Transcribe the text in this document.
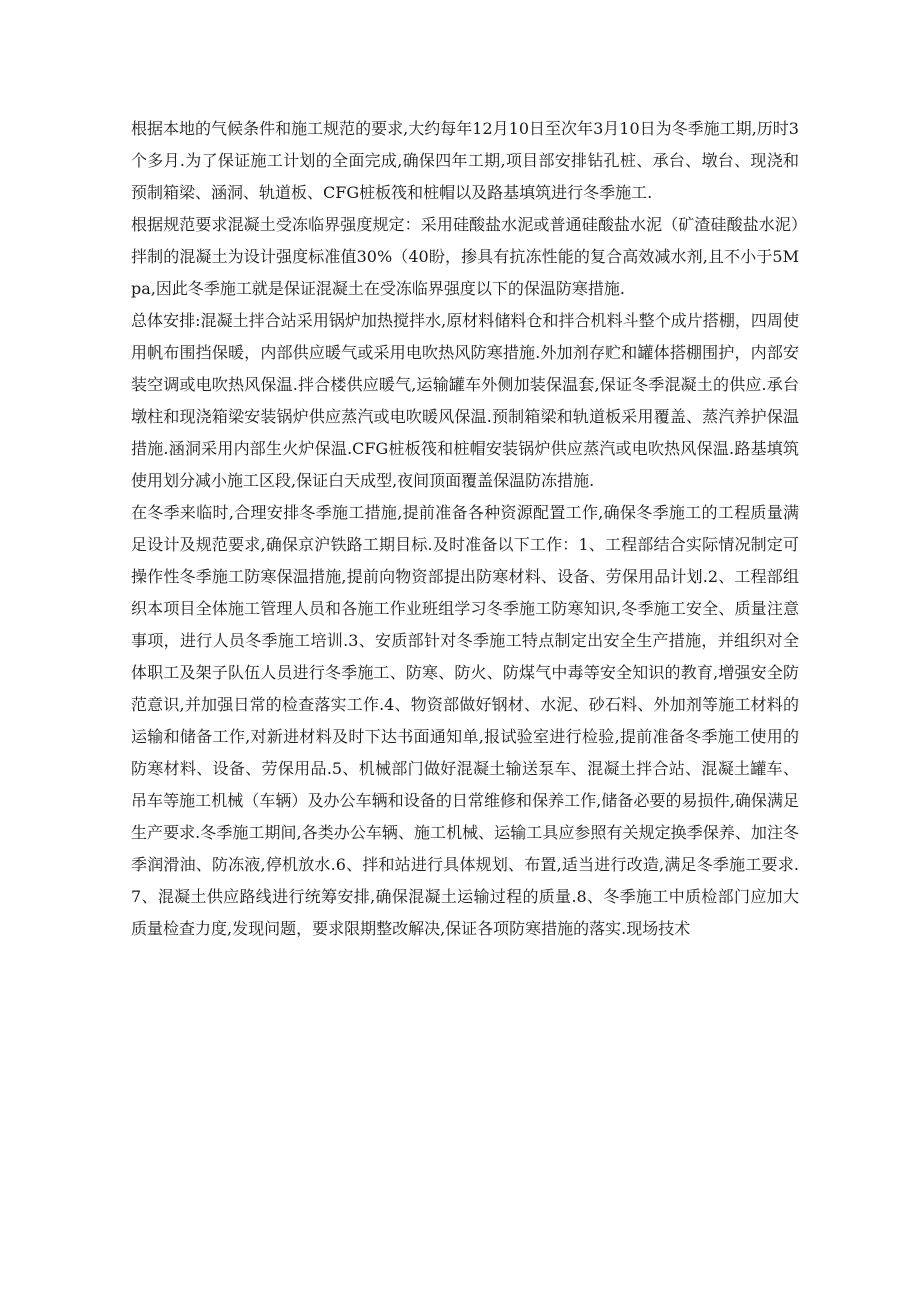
根据本地的气候条件和施工规范的要求,大约每年12月10日至次年3月10日为冬季施工期,历时3个多月.为了保证施工计划的全面完成,确保四年工期,项目部安排钻孔桩、承台、墩台、现浇和预制箱梁、涵洞、轨道板、CFG桩板筏和桩帽以及路基填筑进行冬季施工.

根据规范要求混凝土受冻临界强度规定：采用硅酸盐水泥或普通硅酸盐水泥（矿渣硅酸盐水泥）拌制的混凝土为设计强度标准值30%（40盼，掺具有抗冻性能的复合高效减水剂,且不小于5Mpa,因此冬季施工就是保证混凝土在受冻临界强度以下的保温防寒措施.

总体安排:混凝土拌合站采用锅炉加热搅拌水,原材料储料仓和拌合机料斗整个成片搭棚，四周使用帆布围挡保暖，内部供应暖气或采用电吹热风防寒措施.外加剂存贮和罐体搭棚围护，内部安装空调或电吹热风保温.拌合楼供应暖气,运输罐车外侧加装保温套,保证冬季混凝土的供应.承台墩柱和现浇箱梁安装锅炉供应蒸汽或电吹暖风保温.预制箱梁和轨道板采用覆盖、蒸汽养护保温措施.涵洞采用内部生火炉保温.CFG桩板筏和桩帽安装锅炉供应蒸汽或电吹热风保温.路基填筑使用划分减小施工区段,保证白天成型,夜间顶面覆盖保温防冻措施.

在冬季来临时,合理安排冬季施工措施,提前准备各种资源配置工作,确保冬季施工的工程质量满足设计及规范要求,确保京沪铁路工期目标.及时准备以下工作：1、工程部结合实际情况制定可操作性冬季施工防寒保温措施,提前向物资部提出防寒材料、设备、劳保用品计划.2、工程部组织本项目全体施工管理人员和各施工作业班组学习冬季施工防寒知识,冬季施工安全、质量注意事项，进行人员冬季施工培训.3、安质部针对冬季施工特点制定出安全生产措施，并组织对全体职工及架子队伍人员进行冬季施工、防寒、防火、防煤气中毒等安全知识的教育,增强安全防范意识,并加强日常的检查落实工作.4、物资部做好钢材、水泥、砂石料、外加剂等施工材料的运输和储备工作,对新进材料及时下达书面通知单,报试验室进行检验,提前准备冬季施工使用的防寒材料、设备、劳保用品.5、机械部门做好混凝土输送泵车、混凝土拌合站、混凝土罐车、吊车等施工机械（车辆）及办公车辆和设备的日常维修和保养工作,储备必要的易损件,确保满足生产要求.冬季施工期间,各类办公车辆、施工机械、运输工具应参照有关规定换季保养、加注冬季润滑油、防冻液,停机放水.6、拌和站进行具体规划、布置,适当进行改造,满足冬季施工要求.7、混凝土供应路线进行统筹安排,确保混凝土运输过程的质量.8、冬季施工中质检部门应加大质量检查力度,发现问题，要求限期整改解决,保证各项防寒措施的落实.现场技术
